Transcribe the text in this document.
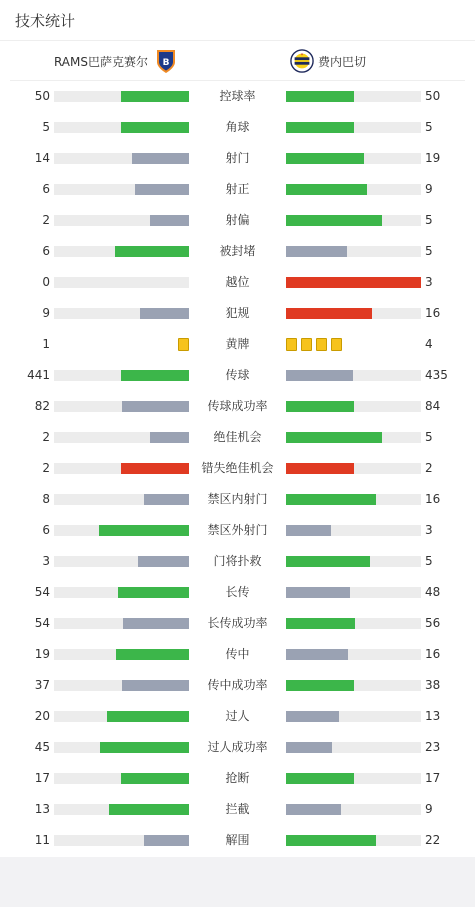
技术统计
RAMS巴萨克赛尔 B	费内巴切
50	控球率	50
5	角球	5
14	射门	19
6	射正	9
2	射偏	5
6	被封堵	5
0	越位	3
9	犯规	16
1	黄牌	4
441	传球	435
82	传球成功率	84
2	绝佳机会	5
2	错失绝佳机会	2
8	禁区内射门	16
6	禁区外射门	3
3	门将扑救	5
54	长传	48
54	长传成功率	56
19	传中	16
37	传中成功率	38
20	过人	13
45	过人成功率	23
17	抢断	17
13	拦截	9
11	解围	22
